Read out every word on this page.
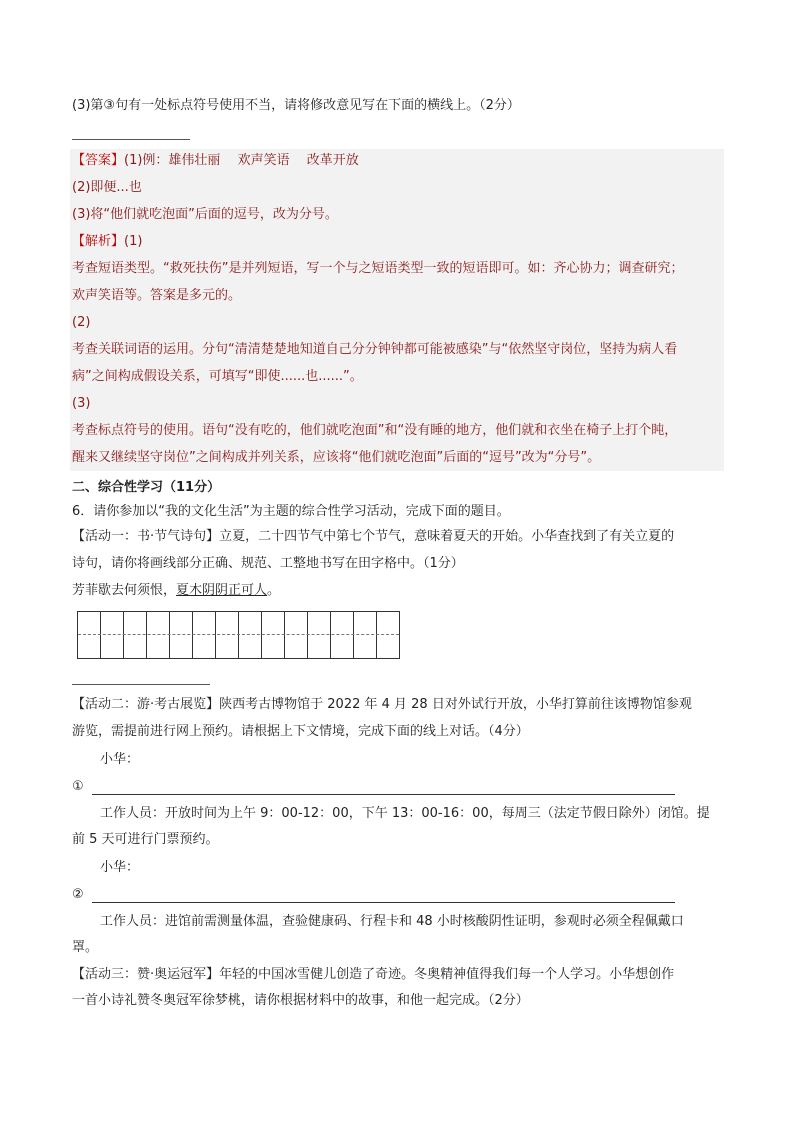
(3)第③句有一处标点符号使用不当，请将修改意见写在下面的横线上。（2分）
【答案】(1)例：雄伟壮丽　 欢声笑语　 改革开放
(2)即便...也
(3)将“他们就吃泡面”后面的逗号，改为分号。
【解析】(1)
考查短语类型。“救死扶伤”是并列短语，写一个与之短语类型一致的短语即可。如：齐心协力；调查研究；
欢声笑语等。答案是多元的。
(2)
考查关联词语的运用。分句“清清楚楚地知道自己分分钟钟都可能被感染”与“依然坚守岗位，坚持为病人看
病”之间构成假设关系，可填写“即使......也......”。
(3)
考查标点符号的使用。语句“没有吃的，他们就吃泡面”和“没有睡的地方，他们就和衣坐在椅子上打个盹，
醒来又继续坚守岗位”之间构成并列关系，应该将“他们就吃泡面”后面的“逗号”改为“分号”。
二、综合性学习（11分）
6．请你参加以“我的文化生活”为主题的综合性学习活动，完成下面的题目。
【活动一：书·节气诗句】立夏，二十四节气中第七个节气，意味着夏天的开始。小华查找到了有关立夏的
诗句，请你将画线部分正确、规范、工整地书写在田字格中。（1分）
芳菲歇去何须恨，夏木阴阴正可人。
【活动二：游·考古展览】陕西考古博物馆于 2022 年 4 月 28 日对外试行开放，小华打算前往该博物馆参观
游览，需提前进行网上预约。请根据上下文情境，完成下面的线上对话。（4分）
小华：
①
工作人员：开放时间为上午 9：00-12：00，下午 13：00-16：00，每周三（法定节假日除外）闭馆。提
前 5 天可进行门票预约。
小华：
②
工作人员：进馆前需测量体温，查验健康码、行程卡和 48 小时核酸阴性证明，参观时必须全程佩戴口
罩。
【活动三：赞·奥运冠军】年轻的中国冰雪健儿创造了奇迹。冬奥精神值得我们每一个人学习。小华想创作
一首小诗礼赞冬奥冠军徐梦桃，请你根据材料中的故事，和他一起完成。（2分）
